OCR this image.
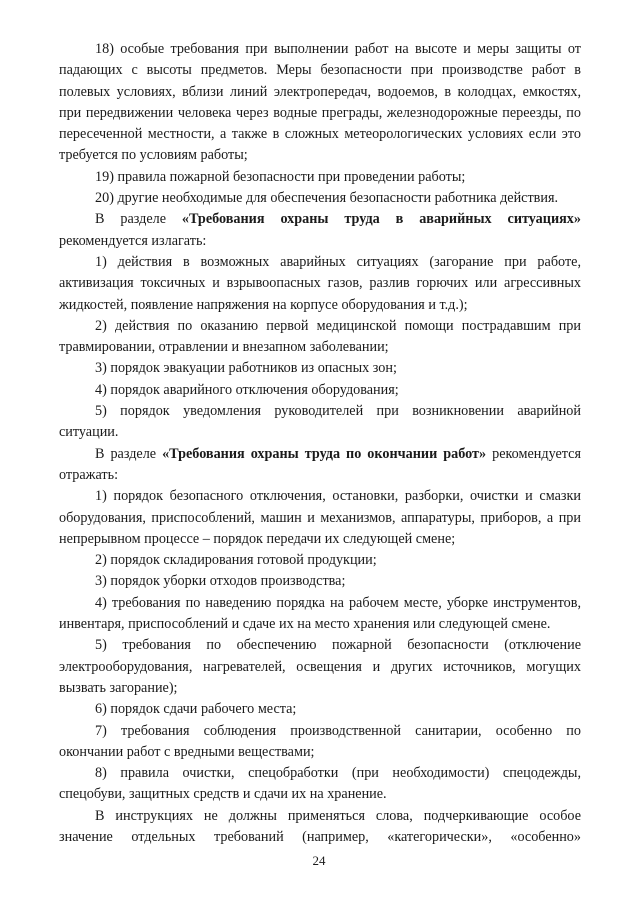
18) особые требования при выполнении работ на высоте и меры защиты от падающих с высоты предметов. Меры безопасности при производстве работ в полевых условиях, вблизи линий электропередач, водоемов, в колодцах, емкостях, при передвижении человека через водные преграды, железнодорожные переезды, по пересеченной местности, а также в сложных метеорологических условиях если это требуется по условиям работы;

19) правила пожарной безопасности при проведении работы;

20) другие необходимые для обеспечения безопасности работника действия.

В разделе «Требования охраны труда в аварийных ситуациях» рекомендуется излагать:

1) действия в возможных аварийных ситуациях (загорание при работе, активизация токсичных и взрывоопасных газов, разлив горючих или агрессивных жидкостей, появление напряжения на корпусе оборудования и т.д.);

2) действия по оказанию первой медицинской помощи пострадавшим при травмировании, отравлении и внезапном заболевании;

3) порядок эвакуации работников из опасных зон;

4) порядок аварийного отключения оборудования;

5) порядок уведомления руководителей при возникновении аварийной ситуации.

В разделе «Требования охраны труда по окончании работ» рекомендуется отражать:

1) порядок безопасного отключения, остановки, разборки, очистки и смазки оборудования, приспособлений, машин и механизмов, аппаратуры, приборов, а при непрерывном процессе – порядок передачи их следующей смене;

2) порядок складирования готовой продукции;

3) порядок уборки отходов производства;

4) требования по наведению порядка на рабочем месте, уборке инструментов, инвентаря, приспособлений и сдаче их на место хранения или следующей смене.

5) требования по обеспечению пожарной безопасности (отключение электрооборудования, нагревателей, освещения и других источников, могущих вызвать загорание);

6) порядок сдачи рабочего места;

7) требования соблюдения производственной санитарии, особенно по окончании работ с вредными веществами;

8) правила очистки, спецобработки (при необходимости) спецодежды, спецобуви, защитных средств и сдачи их на хранение.

В инструкциях не должны применяться слова, подчеркивающие особое значение отдельных требований (например, «категорически», «особенно»

24
